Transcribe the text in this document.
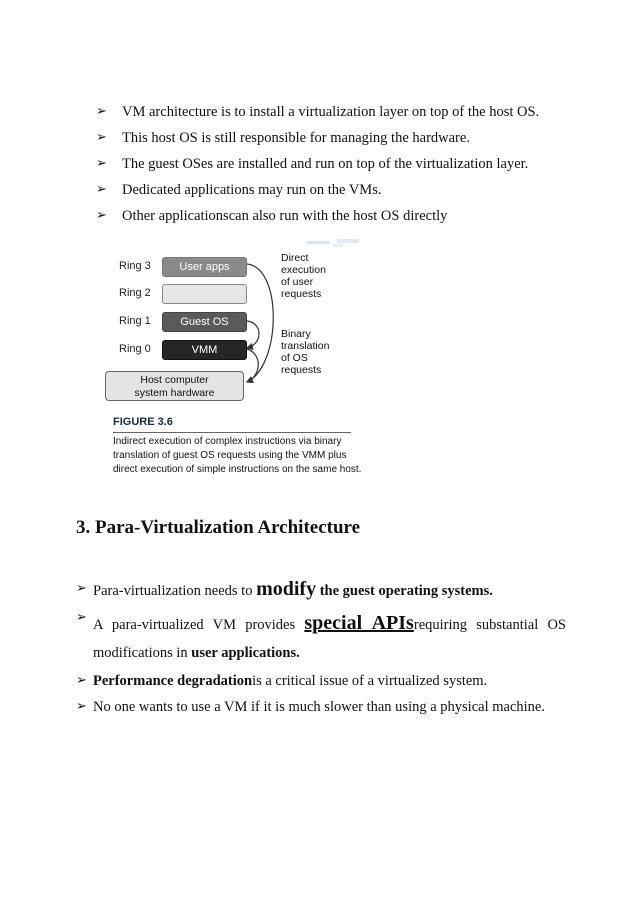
➢ VM architecture is to install a virtualization layer on top of the host OS.
➢ This host OS is still responsible for managing the hardware.
➢ The guest OSes are installed and run on top of the virtualization layer.
➢ Dedicated applications may run on the VMs.
➢ Other applicationscan also run with the host OS directly
Ring 3
Ring 2
Ring 1
Ring 0
User apps
Guest OS
VMM
Host computer
system hardware
Direct
execution
of user
requests
Binary
translation
of OS
requests
FIGURE 3.6
Indirect execution of complex instructions via binary
translation of guest OS requests using the VMM plus
direct execution of simple instructions on the same host.
3. Para-Virtualization Architecture
➢ Para-virtualization needs to modify the guest operating systems.
➢ A para-virtualized VM provides special APIsrequiring substantial OS
modifications in user applications.
➢ Performance degradationis a critical issue of a virtualized system.
➢ No one wants to use a VM if it is much slower than using a physical machine.
